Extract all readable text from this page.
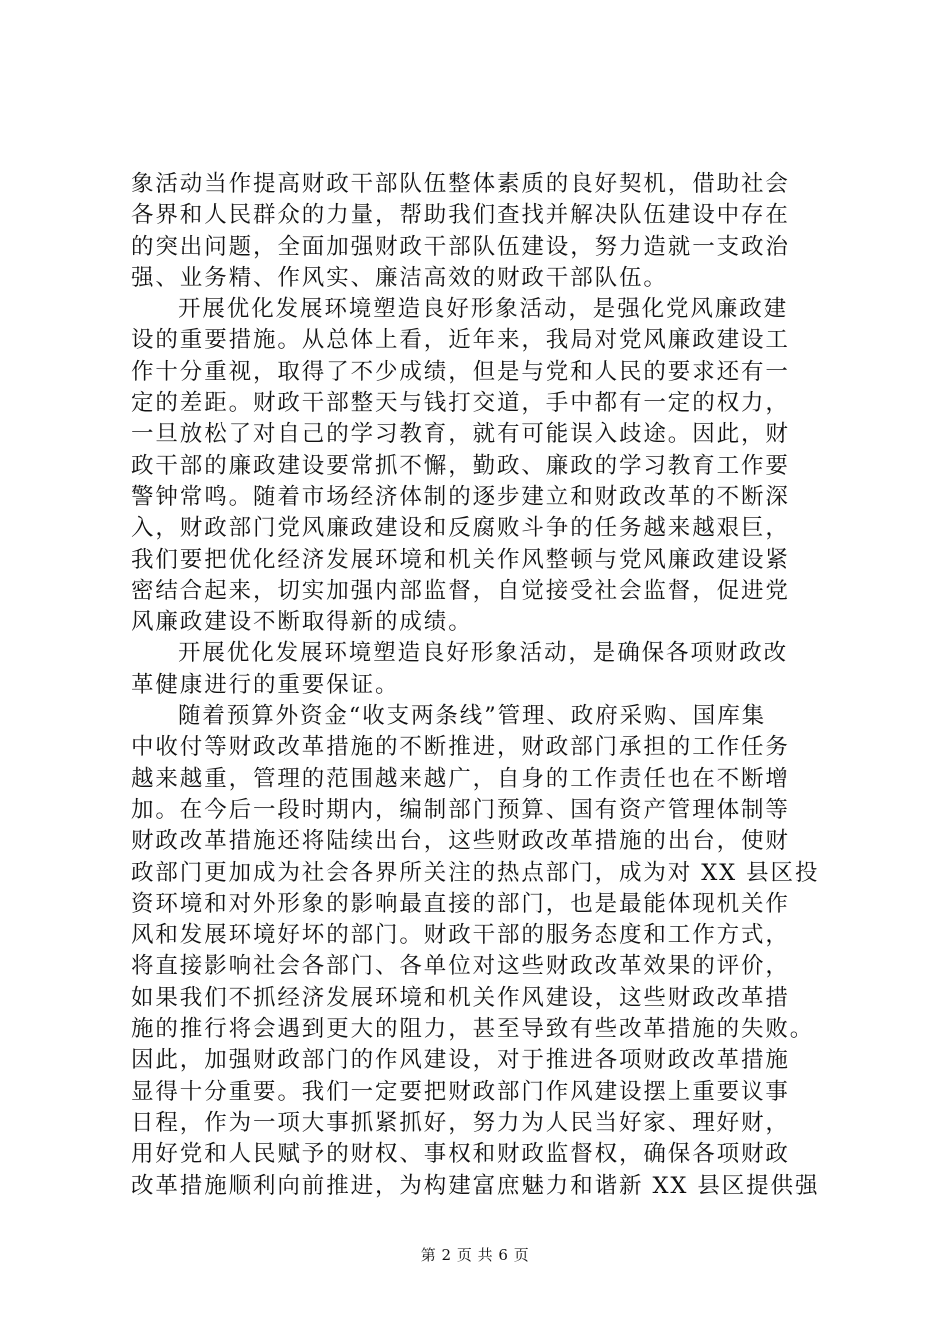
象活动当作提高财政干部队伍整体素质的良好契机，借助社会
各界和人民群众的力量，帮助我们查找并解决队伍建设中存在
的突出问题，全面加强财政干部队伍建设，努力造就一支政治
强、业务精、作风实、廉洁高效的财政干部队伍。
开展优化发展环境塑造良好形象活动，是强化党风廉政建
设的重要措施。从总体上看，近年来，我局对党风廉政建设工
作十分重视，取得了不少成绩，但是与党和人民的要求还有一
定的差距。财政干部整天与钱打交道，手中都有一定的权力，
一旦放松了对自己的学习教育，就有可能误入歧途。因此，财
政干部的廉政建设要常抓不懈，勤政、廉政的学习教育工作要
警钟常鸣。随着市场经济体制的逐步建立和财政改革的不断深
入，财政部门党风廉政建设和反腐败斗争的任务越来越艰巨，
我们要把优化经济发展环境和机关作风整顿与党风廉政建设紧
密结合起来，切实加强内部监督，自觉接受社会监督，促进党
风廉政建设不断取得新的成绩。
开展优化发展环境塑造良好形象活动，是确保各项财政改
革健康进行的重要保证。
随着预算外资金“收支两条线”管理、政府采购、国库集
中收付等财政改革措施的不断推进，财政部门承担的工作任务
越来越重，管理的范围越来越广，自身的工作责任也在不断增
加。在今后一段时期内，编制部门预算、国有资产管理体制等
财政改革措施还将陆续出台，这些财政改革措施的出台，使财
政部门更加成为社会各界所关注的热点部门，成为对 XX 县区投
资环境和对外形象的影响最直接的部门，也是最能体现机关作
风和发展环境好坏的部门。财政干部的服务态度和工作方式，
将直接影响社会各部门、各单位对这些财政改革效果的评价，
如果我们不抓经济发展环境和机关作风建设，这些财政改革措
施的推行将会遇到更大的阻力，甚至导致有些改革措施的失败。
因此，加强财政部门的作风建设，对于推进各项财政改革措施
显得十分重要。我们一定要把财政部门作风建设摆上重要议事
日程，作为一项大事抓紧抓好，努力为人民当好家、理好财，
用好党和人民赋予的财权、事权和财政监督权，确保各项财政
改革措施顺利向前推进，为构建富庶魅力和谐新 XX 县区提供强
第 2 页 共 6 页
